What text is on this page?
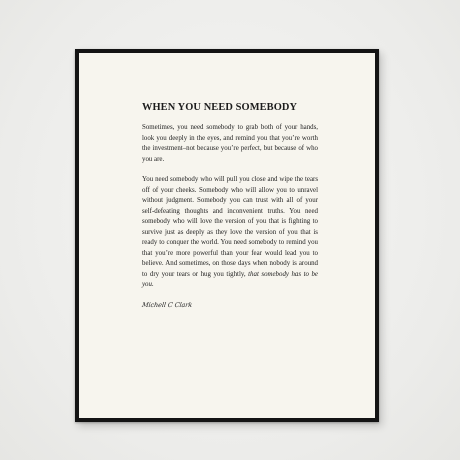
WHEN YOU NEED SOMEBODY

Sometimes, you need somebody to grab both of your hands, look you deeply in the eyes, and remind you that you’re worth the investment–not because you’re perfect, but because of who you are.

You need somebody who will pull you close and wipe the tears off of your cheeks. Somebody who will allow you to unravel without judgment. Somebody you can trust with all of your self-defeating thoughts and inconvenient truths. You need somebody who will love the version of you that is fighting to survive just as deeply as they love the version of you that is ready to conquer the world. You need somebody to remind you that you’re more powerful than your fear would lead you to believe. And sometimes, on those days when nobody is around to dry your tears or hug you tightly, that somebody has to be you.

Michell C Clark
